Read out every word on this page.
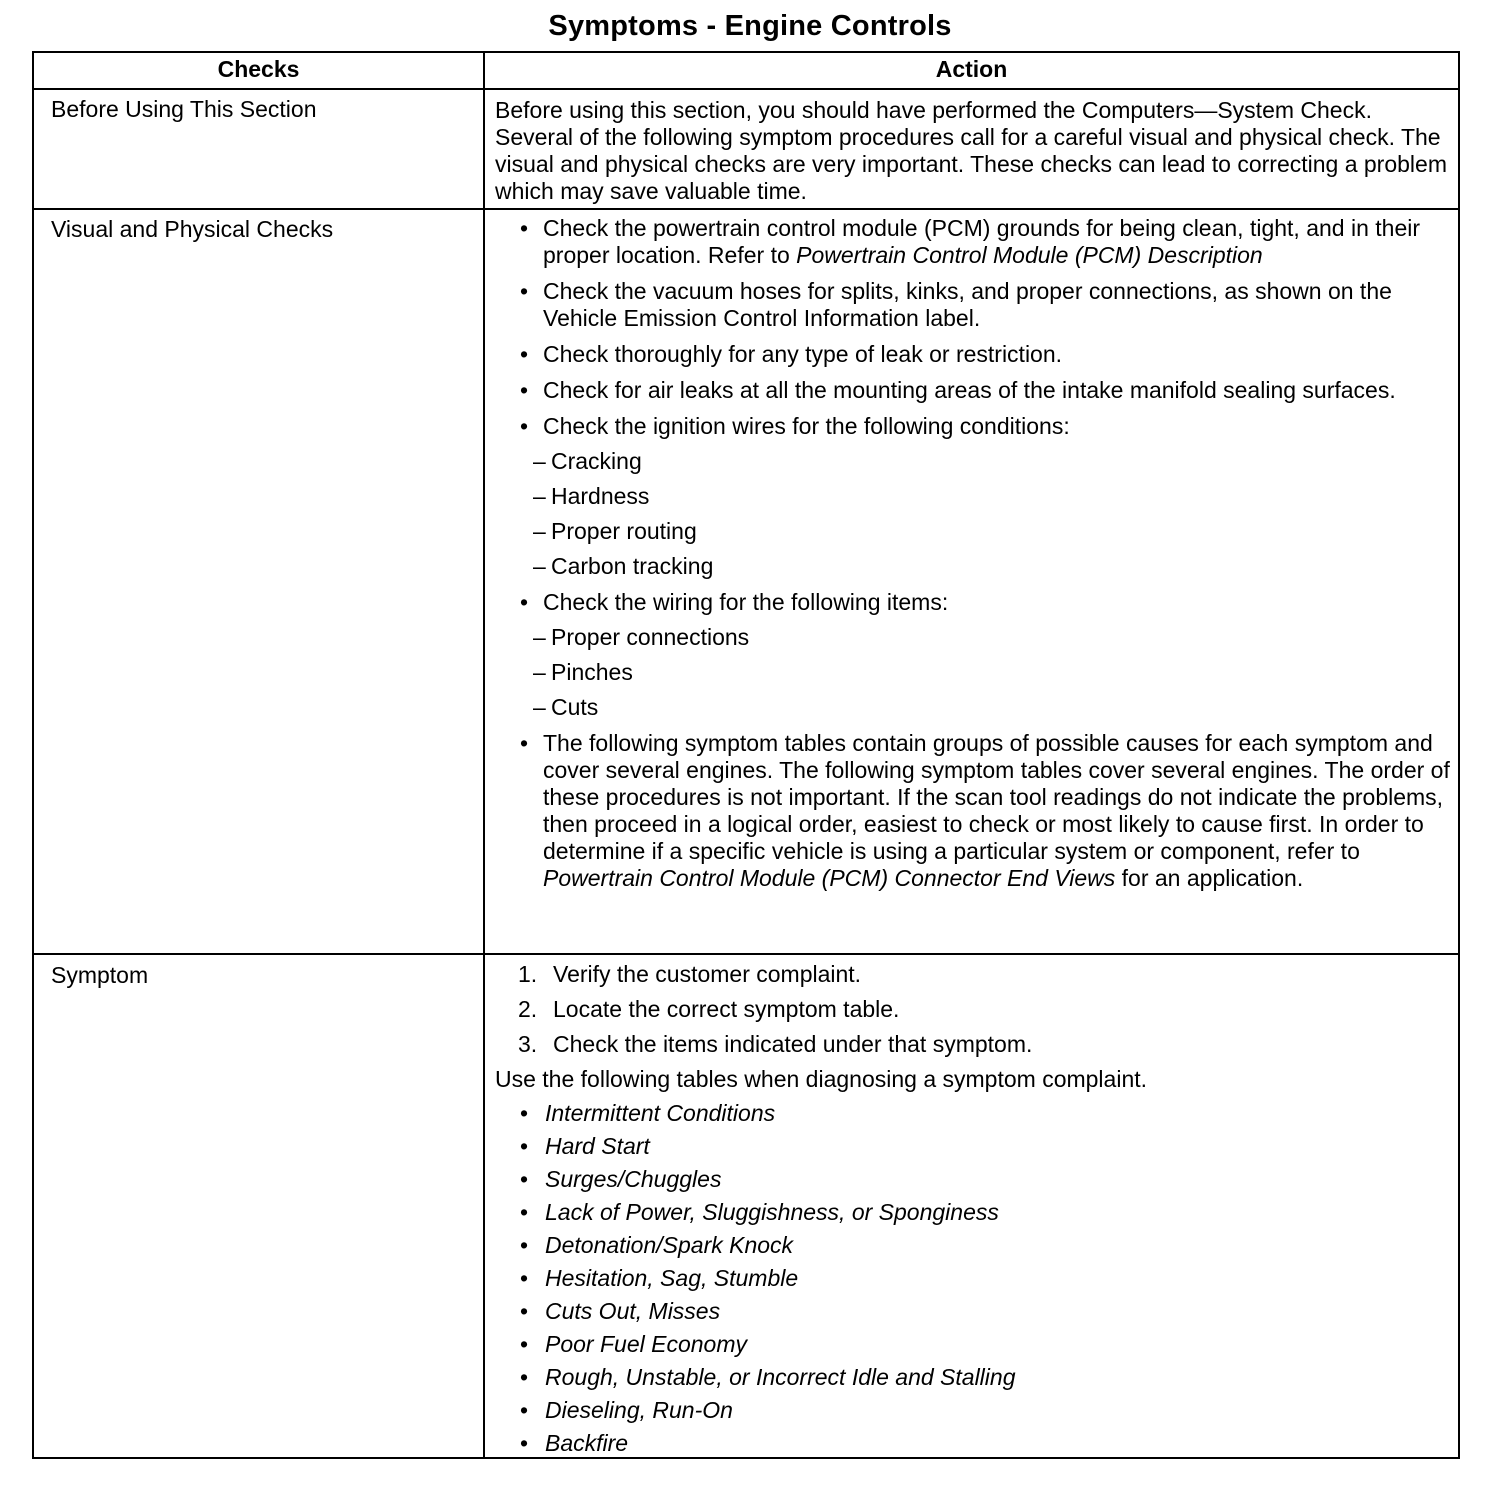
Symptoms - Engine Controls
Checks	Action
Before Using This Section	Before using this section, you should have performed the Computers—System Check. Several of the following symptom procedures call for a careful visual and physical check. The visual and physical checks are very important. These checks can lead to correcting a problem which may save valuable time.

Visual and Physical Checks
•	Check the powertrain control module (PCM) grounds for being clean, tight, and in their proper location. Refer to Powertrain Control Module (PCM) Description
• Check the vacuum hoses for splits, kinks, and proper connections, as shown on the Vehicle Emission Control Information label.
• Check thoroughly for any type of leak or restriction.
• Check for air leaks at all the mounting areas of the intake manifold sealing surfaces.
• Check the ignition wires for the following conditions:
– Cracking
– Hardness
– Proper routing
– Carbon tracking
• Check the wiring for the following items:
– Proper connections
– Pinches
– Cuts
• The following symptom tables contain groups of possible causes for each symptom and cover several engines. The following symptom tables cover several engines. The order of these procedures is not important. If the scan tool readings do not indicate the problems, then proceed in a logical order, easiest to check or most likely to cause first. In order to determine if a specific vehicle is using a particular system or component, refer to Powertrain Control Module (PCM) Connector End Views for an application.
Symptom	1. Verify the customer complaint.
2. Locate the correct symptom table.
3. Check the items indicated under that symptom.

Use the following tables when diagnosing a symptom complaint.

• Intermittent Conditions
• Hard Start
• Surges/Chuggles
• Lack of Power, Sluggishness, or Sponginess
• Detonation/Spark Knock
• Hesitation, Sag, Stumble
• Cuts Out, Misses
• Poor Fuel Economy
• Rough, Unstable, or Incorrect Idle and Stalling
• Dieseling, Run-On
• Backfire
